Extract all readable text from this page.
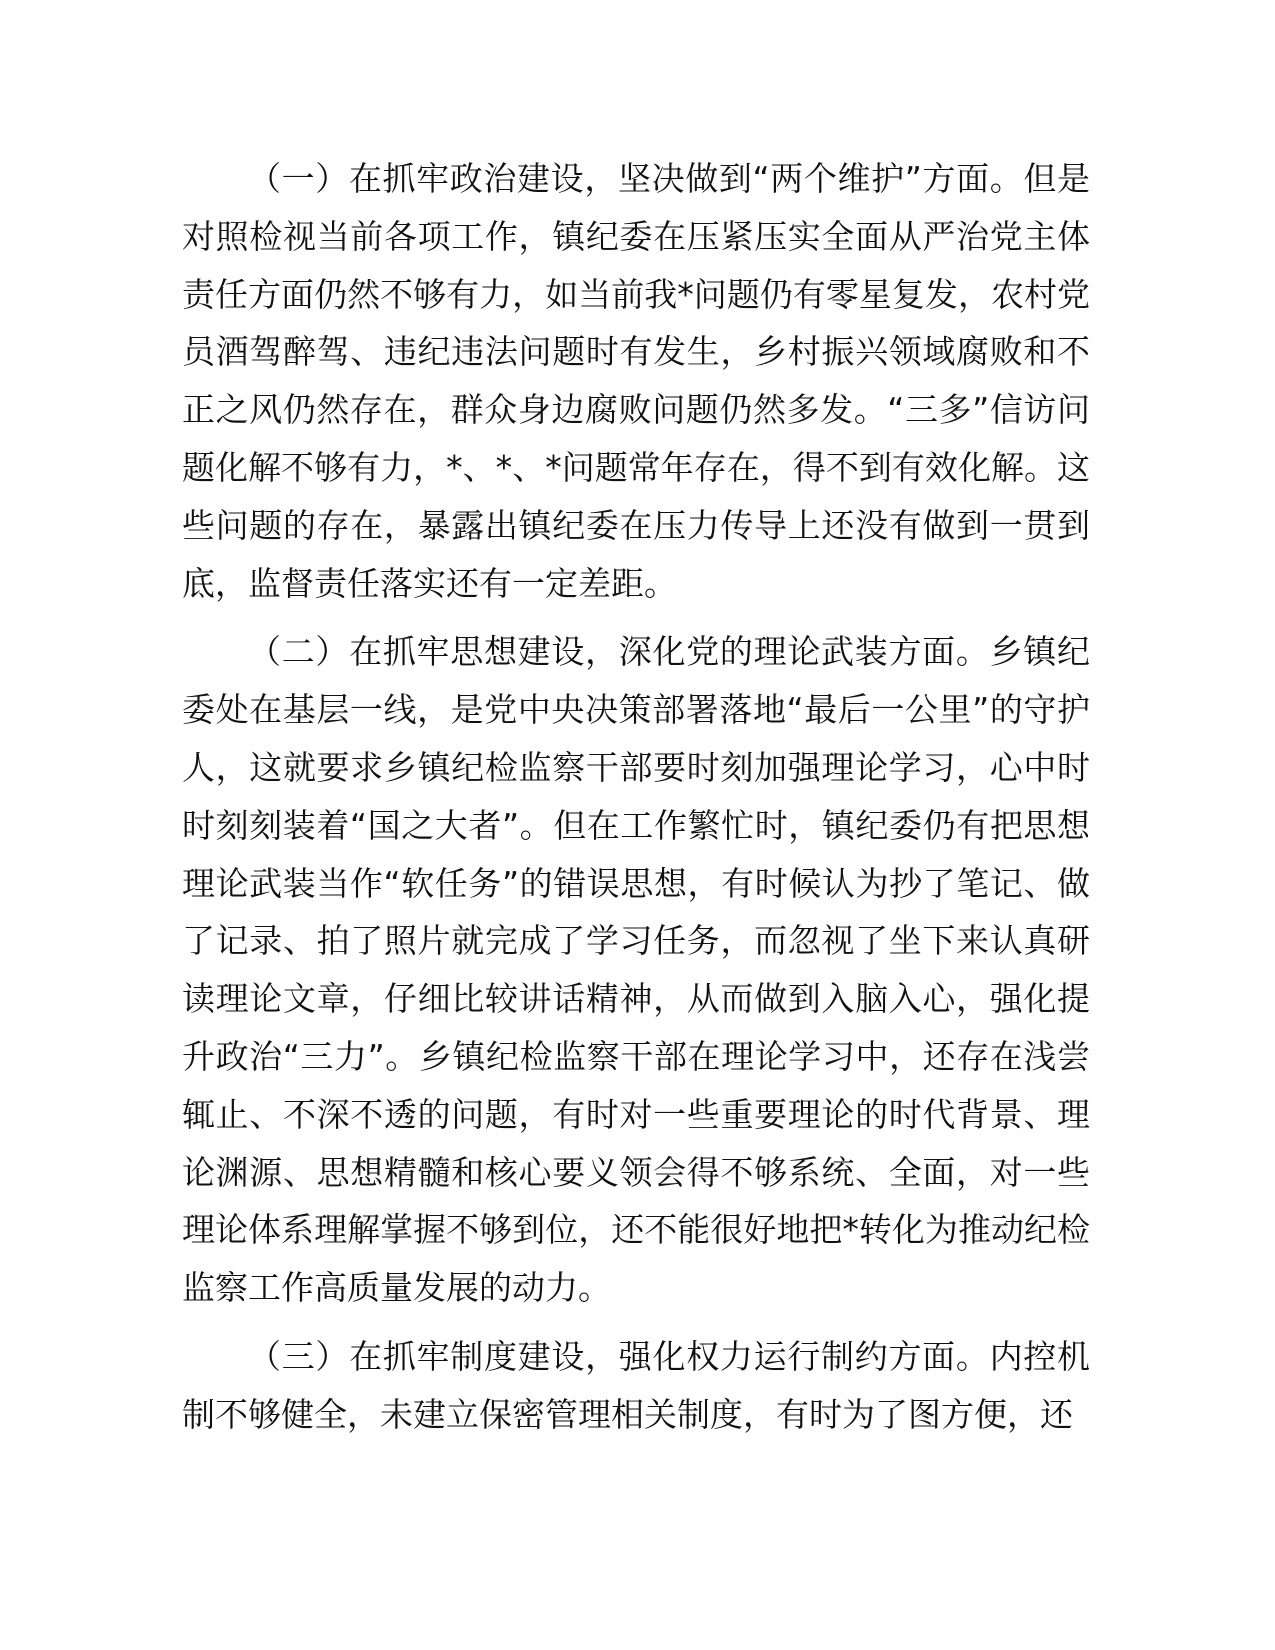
（一）在抓牢政治建设，坚决做到“两个维护”方面。但是对照检视当前各项工作，镇纪委在压紧压实全面从严治党主体责任方面仍然不够有力，如当前我*问题仍有零星复发，农村党员酒驾醉驾、违纪违法问题时有发生，乡村振兴领域腐败和不正之风仍然存在，群众身边腐败问题仍然多发。“三多”信访问题化解不够有力，*、*、*问题常年存在，得不到有效化解。这些问题的存在，暴露出镇纪委在压力传导上还没有做到一贯到底，监督责任落实还有一定差距。

（二）在抓牢思想建设，深化党的理论武装方面。乡镇纪委处在基层一线，是党中央决策部署落地“最后一公里”的守护人，这就要求乡镇纪检监察干部要时刻加强理论学习，心中时时刻刻装着“国之大者”。但在工作繁忙时，镇纪委仍有把思想理论武装当作“软任务”的错误思想，有时候认为抄了笔记、做了记录、拍了照片就完成了学习任务，而忽视了坐下来认真研读理论文章，仔细比较讲话精神，从而做到入脑入心，强化提升政治“三力”。乡镇纪检监察干部在理论学习中，还存在浅尝辄止、不深不透的问题，有时对一些重要理论的时代背景、理论渊源、思想精髓和核心要义领会得不够系统、全面，对一些理论体系理解掌握不够到位，还不能很好地把*转化为推动纪检监察工作高质量发展的动力。

（三）在抓牢制度建设，强化权力运行制约方面。内控机制不够健全，未建立保密管理相关制度，有时为了图方便，还
